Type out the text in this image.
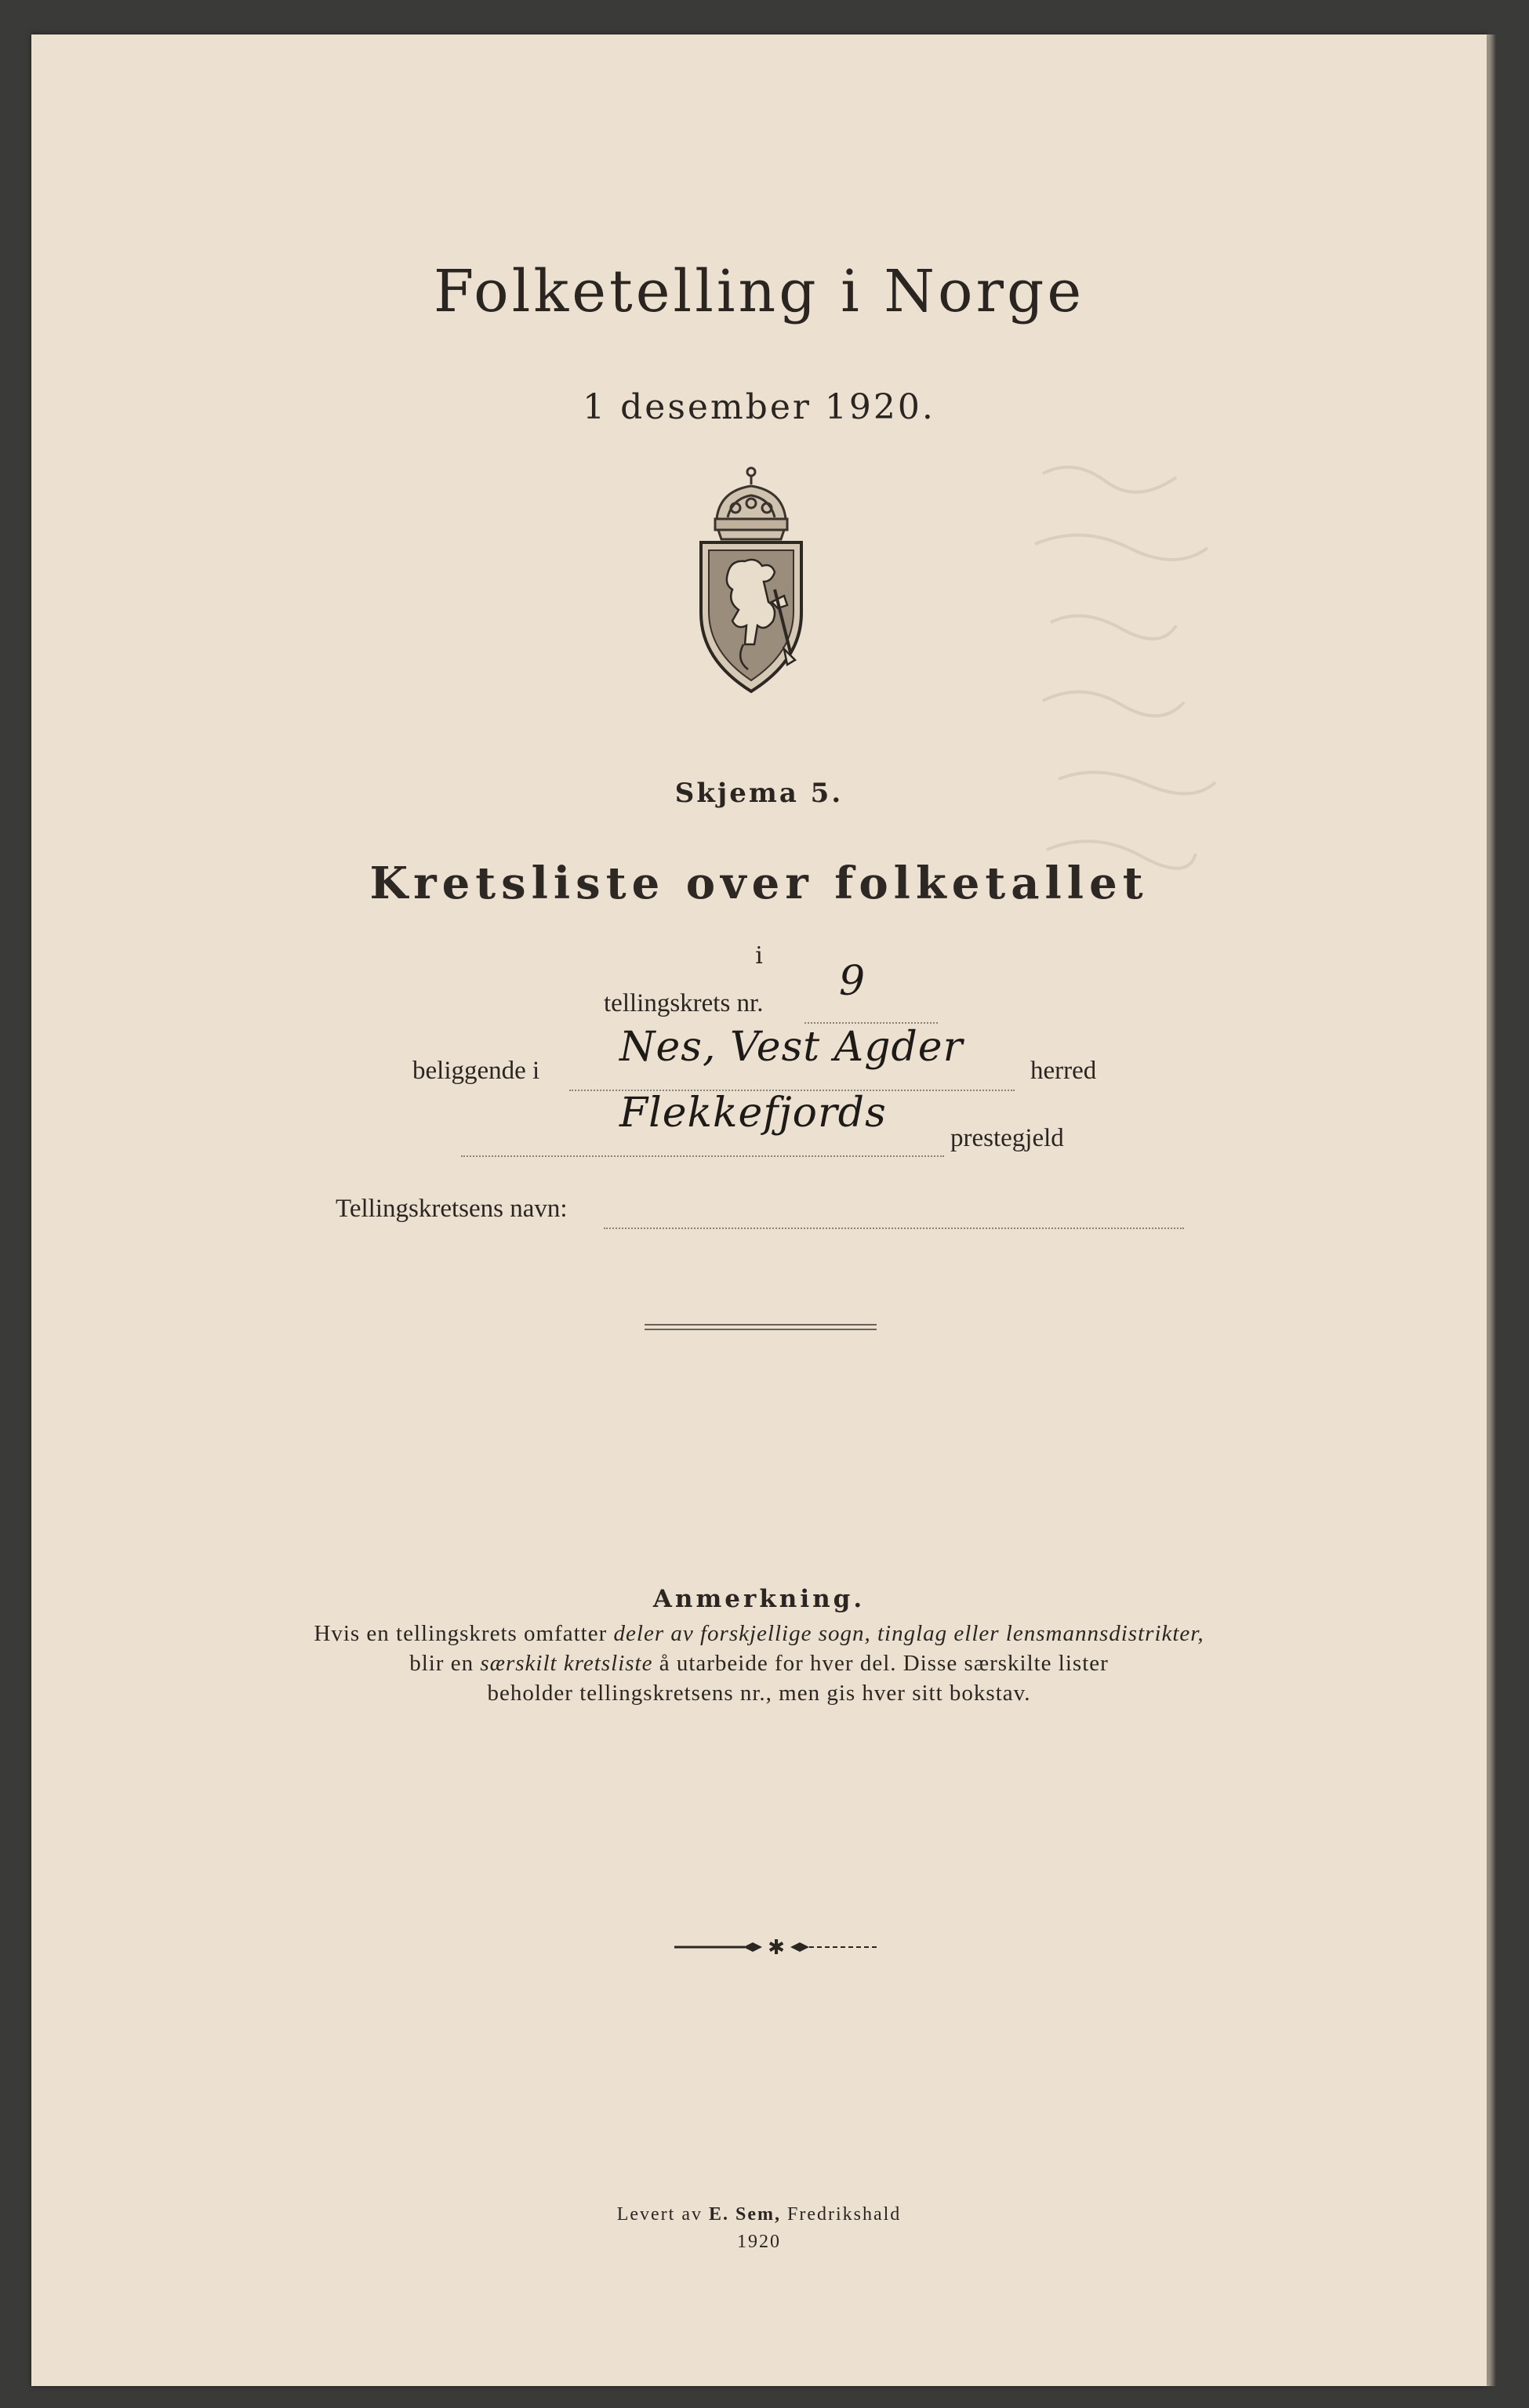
Folketelling i Norge
1 desember 1920.
Skjema 5.
Kretsliste over folketallet
i
tellingskrets nr. 9
beliggende i Nes, Vest Agder	herred
Flekkefjords
prestegjeld
Tellingskretsens navn:
Anmerkning.
Hvis en tellingskrets omfatter deler av forskjellige sogn, tinglag eller lensmannsdistrikter,
blir en særskilt kretsliste å utarbeide for hver del. Disse særskilte lister
beholder tellingskretsens nr., men gis hver sitt bokstav.
✱
Levert av E. Sem, Fredrikshald
1920
